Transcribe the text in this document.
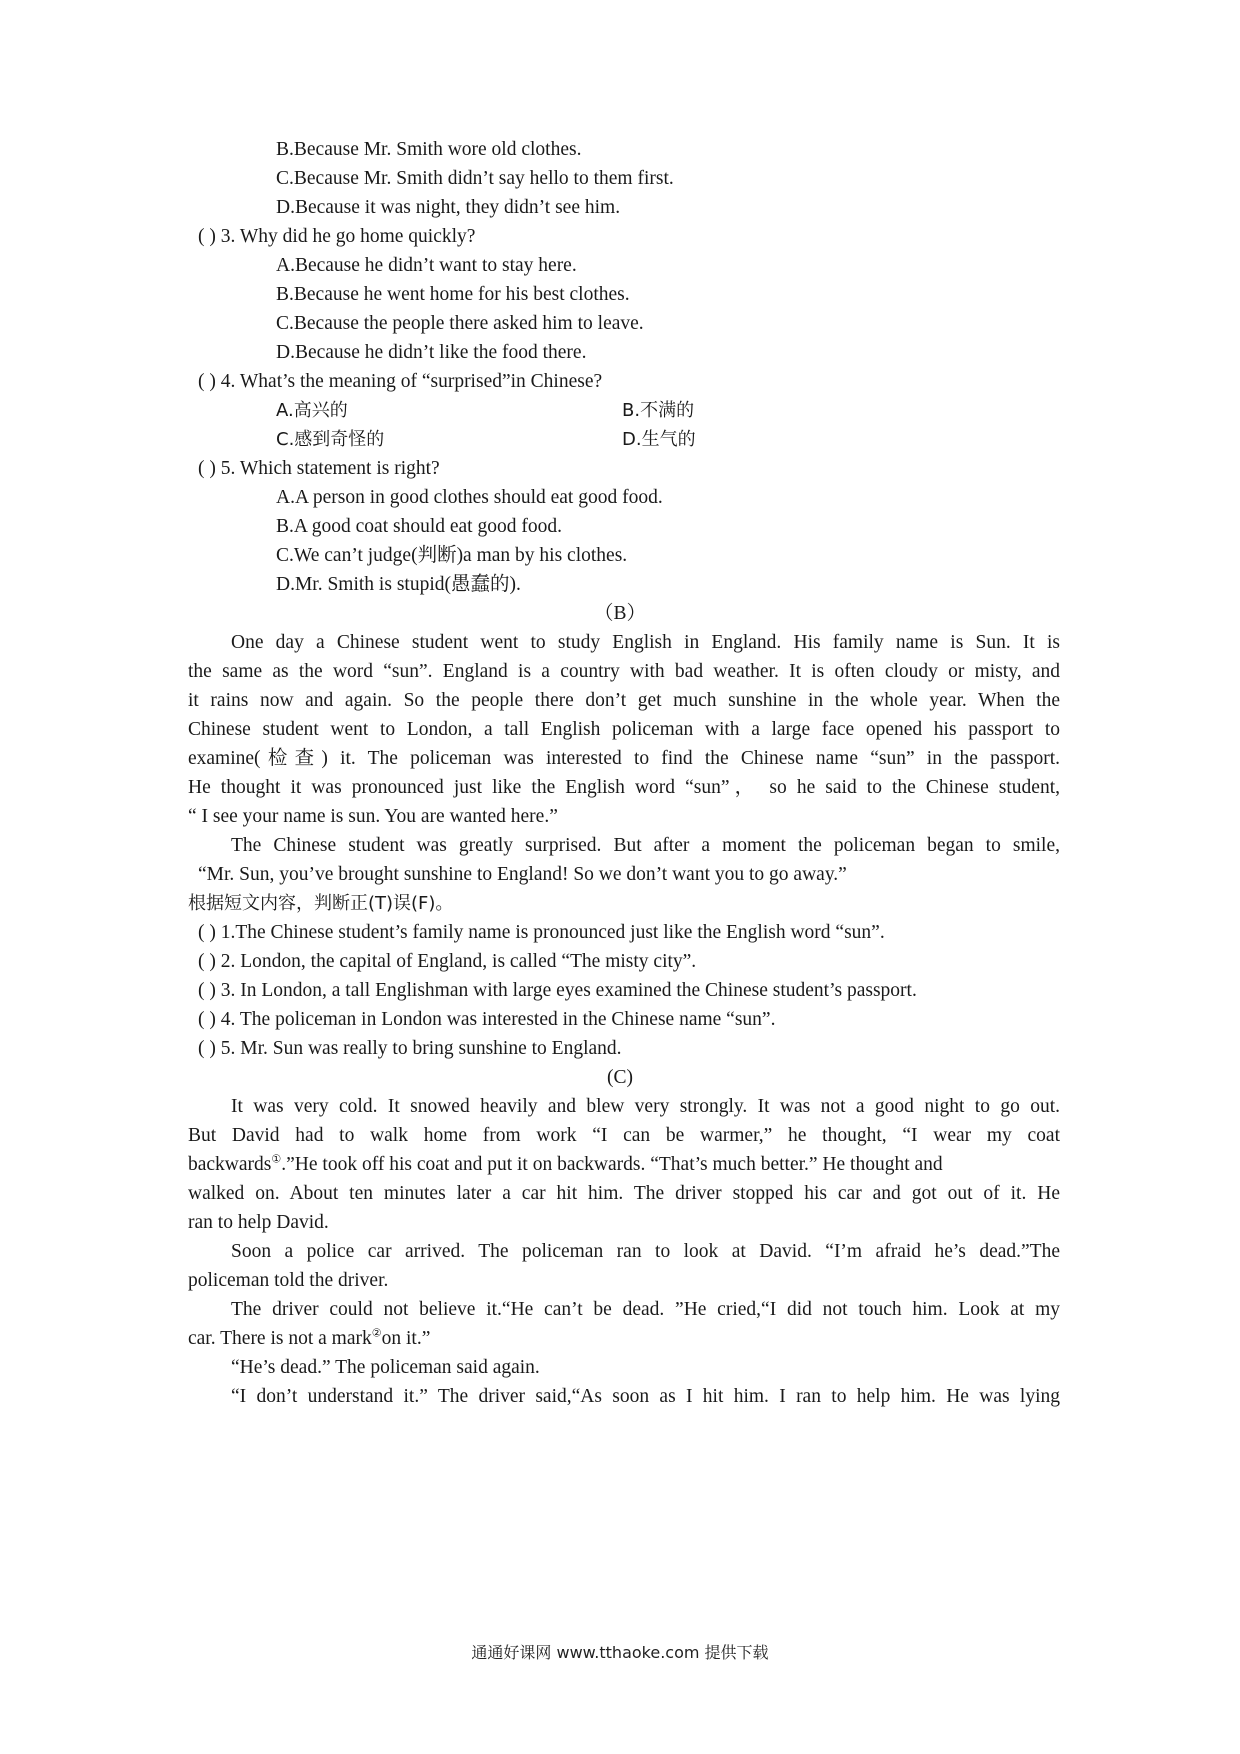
B.Because Mr. Smith wore old clothes.
C.Because Mr. Smith didn’t say hello to them first.
D.Because it was night, they didn’t see him.
( ) 3. Why did he go home quickly?
A.Because he didn’t want to stay here.
B.Because he went home for his best clothes.
C.Because the people there asked him to leave.
D.Because he didn’t like the food there.
( ) 4. What’s the meaning of “surprised”in Chinese?
A.高兴的	B.不满的
C.感到奇怪的	D.生气的
( ) 5. Which statement is right?
A.A person in good clothes should eat good food.
B.A good coat should eat good food.
C.We can’t judge(判断)a man by his clothes.
D.Mr. Smith is stupid(愚蠢的).
（B）
One day a Chinese student went to study English in England. His family name is Sun. It is
the same as the word “sun”. England is a country with bad weather. It is often cloudy or misty, and
it rains now and again. So the people there don’t get much sunshine in the whole year. When the
Chinese student went to London, a tall English policeman with a large face opened his passport to
examine(检查) it. The policeman was interested to find the Chinese name “sun” in the passport.
He thought it was pronounced just like the English word “sun”， so he said to the Chinese student,
“ I see your name is sun. You are wanted here.”
The Chinese student was greatly surprised. But after a moment the policeman began to smile,
“Mr. Sun, you’ve brought sunshine to England! So we don’t want you to go away.”
根据短文内容，判断正(T)误(F)。
( ) 1.The Chinese student’s family name is pronounced just like the English word “sun”.
( ) 2. London, the capital of England, is called “The misty city”.
( ) 3. In London, a tall Englishman with large eyes examined the Chinese student’s passport.
( ) 4. The policeman in London was interested in the Chinese name “sun”.
( ) 5. Mr. Sun was really to bring sunshine to England.
(C)
It was very cold. It snowed heavily and blew very strongly. It was not a good night to go out.
But David had to walk home from work “I can be warmer,” he thought, “I wear my coat
backwards①.”He took off his coat and put it on backwards. “That’s much better.” He thought and
walked on. About ten minutes later a car hit him. The driver stopped his car and got out of it. He
ran to help David.
Soon a police car arrived. The policeman ran to look at David. “I’m afraid he’s dead.”The
policeman told the driver.
The driver could not believe it.“He can’t be dead. ”He cried,“I did not touch him. Look at my
car. There is not a mark②on it.”
“He’s dead.” The policeman said again.
“I don’t understand it.” The driver said,“As soon as I hit him. I ran to help him. He was lying
通通好课网 www.tthaoke.com 提供下载
